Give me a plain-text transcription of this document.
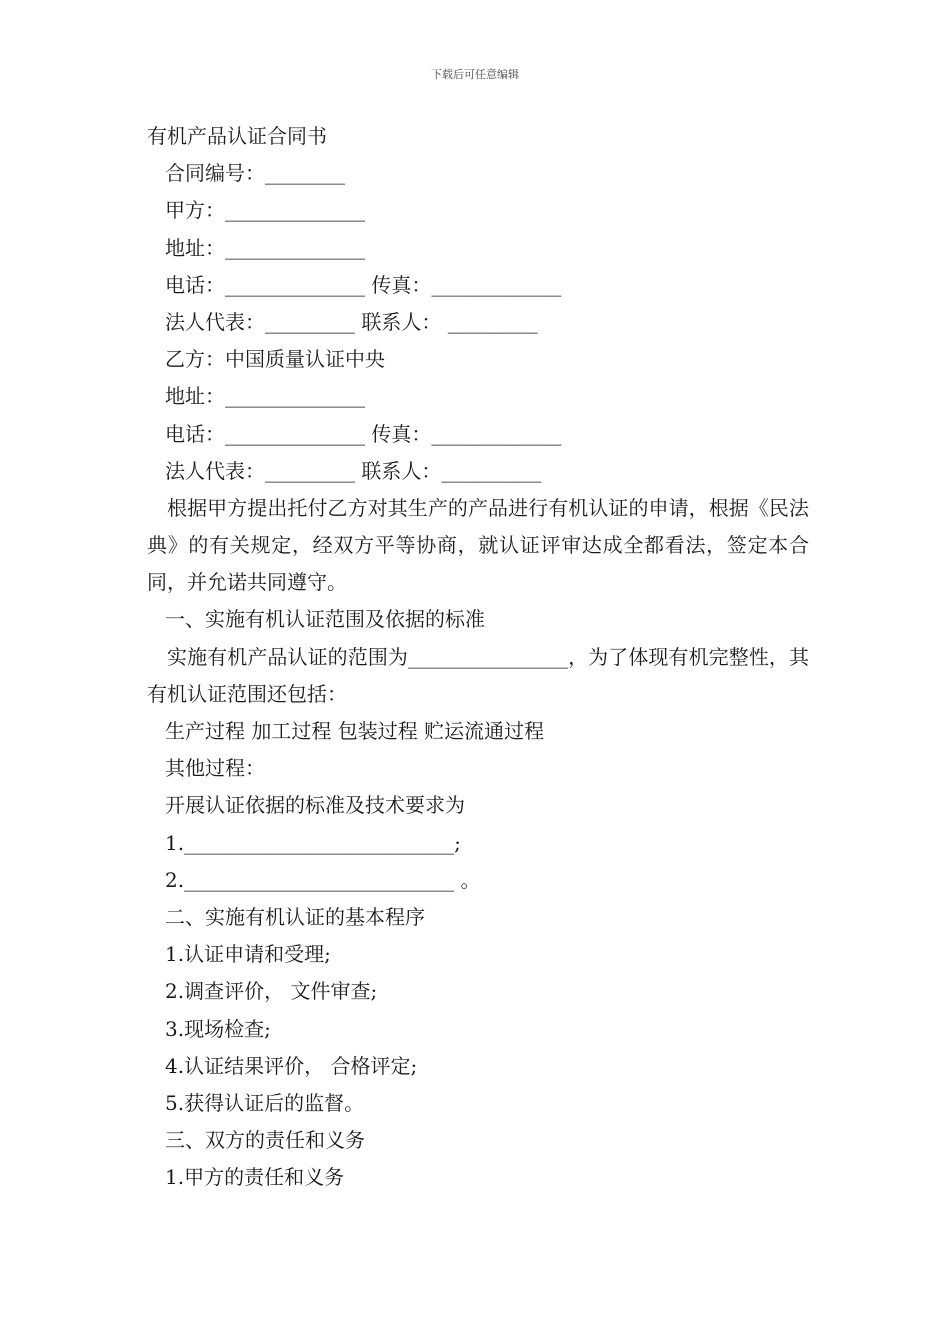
下载后可任意编辑
有机产品认证合同书
合同编号：________
甲方：______________
地址：______________
电话：______________ 传真：_____________
法人代表：_________ 联系人： _________
乙方：中国质量认证中央
地址：______________
电话：______________ 传真：_____________
法人代表：_________ 联系人：__________
根据甲方提出托付乙方对其生产的产品进行有机认证的申请，根据《民法典》的有关规定，经双方平等协商，就认证评审达成全都看法，签定本合同，并允诺共同遵守。
一、实施有机认证范围及依据的标准
实施有机产品认证的范围为________________，为了体现有机完整性，其有机认证范围还包括：
生产过程 加工过程 包装过程 贮运流通过程
其他过程：
开展认证依据的标准及技术要求为
1.___________________________;
2.___________________________ 。
二、实施有机认证的基本程序
1.认证申请和受理;
2.调查评价， 文件审查;
3.现场检查;
4.认证结果评价， 合格评定;
5.获得认证后的监督。
三、双方的责任和义务
1.甲方的责任和义务
